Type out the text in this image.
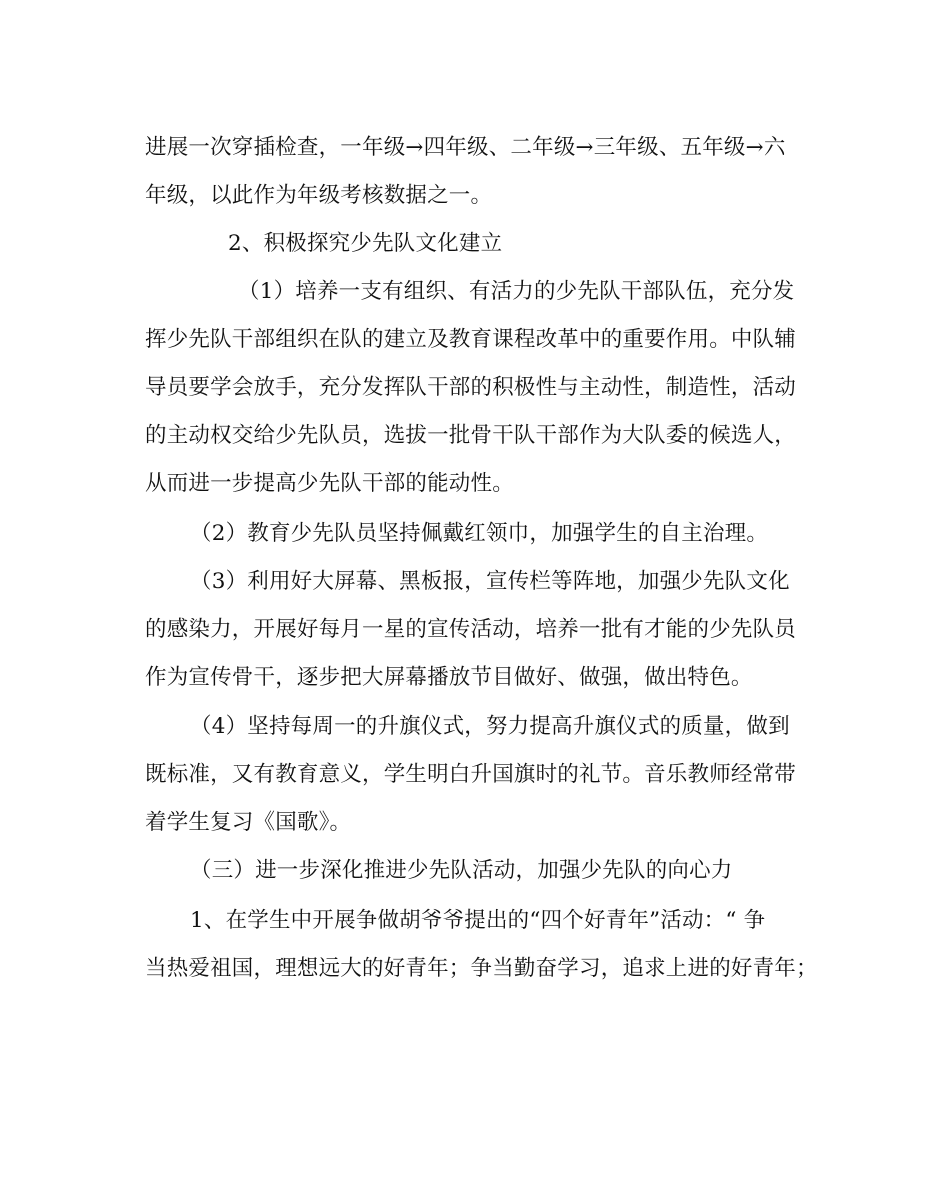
进展一次穿插检查，一年级→四年级、二年级→三年级、五年级→六
年级，以此作为年级考核数据之一。
2、积极探究少先队文化建立
（1）培养一支有组织、有活力的少先队干部队伍，充分发
挥少先队干部组织在队的建立及教育课程改革中的重要作用。中队辅
导员要学会放手，充分发挥队干部的积极性与主动性，制造性，活动
的主动权交给少先队员，选拔一批骨干队干部作为大队委的候选人，
从而进一步提高少先队干部的能动性。
（2）教育少先队员坚持佩戴红领巾，加强学生的自主治理。
（3）利用好大屏幕、黑板报，宣传栏等阵地，加强少先队文化
的感染力，开展好每月一星的宣传活动，培养一批有才能的少先队员
作为宣传骨干，逐步把大屏幕播放节目做好、做强，做出特色。
（4）坚持每周一的升旗仪式，努力提高升旗仪式的质量，做到
既标准，又有教育意义，学生明白升国旗时的礼节。音乐教师经常带
着学生复习《国歌》。
（三）进一步深化推进少先队活动，加强少先队的向心力
1、在学生中开展争做胡爷爷提出的“四个好青年”活动：“ 争
当热爱祖国，理想远大的好青年；争当勤奋学习，追求上进的好青年；
